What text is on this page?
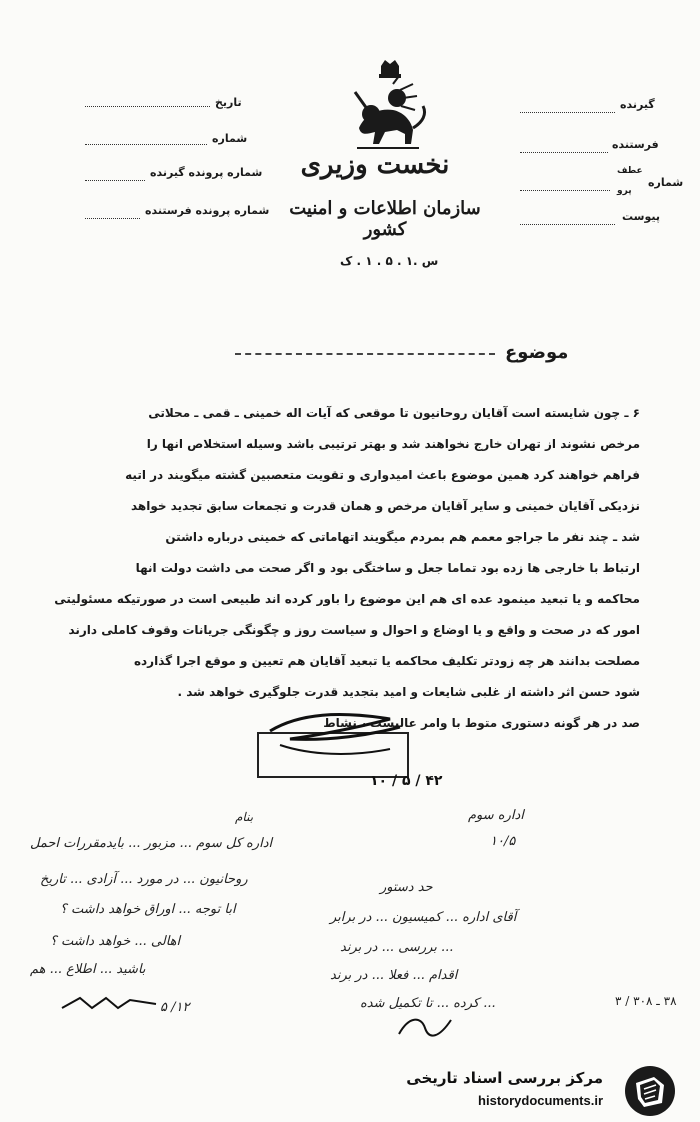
گیرنده
فرستنده
شماره
عطف
پرو
پیوست
تاریخ
شماره
شماره پرونده گیرنده
شماره پرونده فرستنده
نخست وزیری
سازمان اطلاعات و امنیت کشور
س .۱ . ۵ . ۱ . ک
موضوع
۶ ـ چون شایسته است آقایان روحانیون تا موقعی که آیات اله خمینی ـ قمی ـ محلاتی
مرخص نشوند از تهران خارج نخواهند شد و بهتر ترتیبی باشد وسیله استخلاص انها را
فراهم خواهند کرد همین موضوع باعث امیدواری و تقویت متعصبین گشته میگویند در اتیه
نزدیکی آقایان خمینی و سایر آقایان مرخص و همان قدرت و تجمعات سابق تجدید خواهد
شد ـ چند نفر ما جراجو معمم هم بمردم میگویند اتهاماتی که خمینی درباره داشتن
ارتباط با خارجی ها زده بود تماما جعل و ساختگی بود و اگر صحت می داشت دولت انها
محاکمه و یا تبعید مینمود عده ای هم این موضوع را باور کرده اند طبیعی است در صورتیکه مسئولیتی
امور که در صحت و واقع و یا اوضاع و احوال و سیاست روز و چگونگی جریانات وقوف کاملی دارند
مصلحت بدانند هر چه زودتر تکلیف محاکمه یا تبعید آقایان هم تعیین و موقع اجرا گذارده
شود حسن اثر داشته از غلبی شایعات و امید بتجدید قدرت جلوگیری خواهد شد .
صد در هر گونه دستوری متوط با وامر عالیست ، نشاط
۱۰ / ۵ / ۴۲
بنام
اداره کل سوم ... مزبور ... بایدمقررات احمل
روحانیون ... در مورد ... آزادی ... تاریخ
ابا توجه ... اوراق خواهد داشت ؟
اهالی ... خواهد داشت ؟
باشید ... اطلاع ... هم
۱۲/ ۵
اداره سوم
۱۰/۵
حد دستور
آقای اداره ... کمیسیون ... در برابر
... بررسی ... در برند
اقدام ... فعلا ... در برند
... کرده ... تا تکمیل شده	۳۸ ـ ۳۰۸ / ۳
مرکز بررسی اسناد تاریخی
historydocuments.ir
